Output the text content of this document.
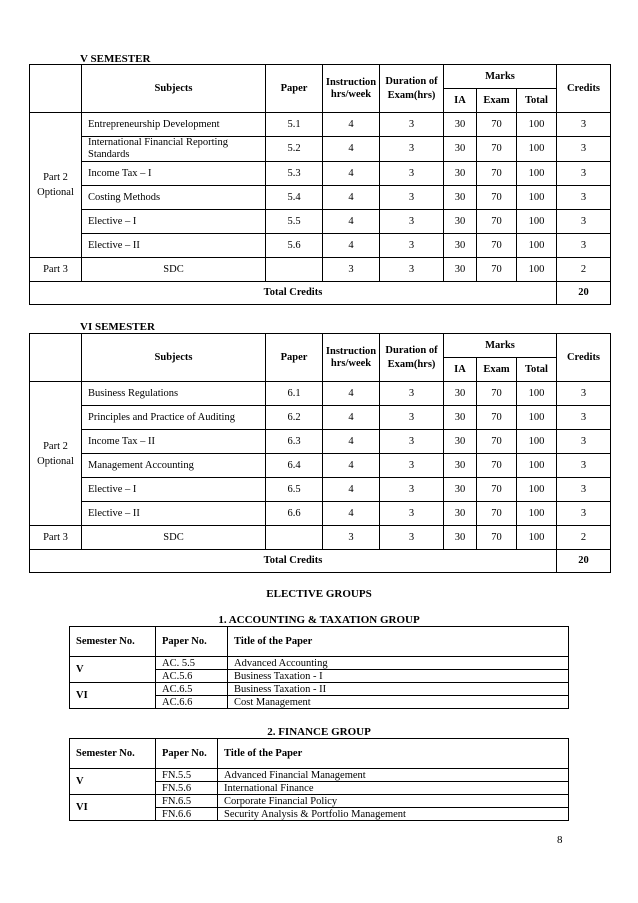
V SEMESTER
	Subjects	Paper	Instruction hrs/week	Duration of Exam(hrs)	Marks			Credits
					IA	Exam	Total	
Part 2 Optional	Entrepreneurship Development	5.1	4	3	30	70	100	3
	International Financial Reporting Standards	5.2	4	3	30	70	100	3
	Income Tax – I	5.3	4	3	30	70	100	3
	Costing Methods	5.4	4	3	30	70	100	3
	Elective – I	5.5	4	3	30	70	100	3
	Elective – II	5.6	4	3	30	70	100	3
Part 3	SDC		3	3	30	70	100	2
Total Credits								20
VI SEMESTER
	Subjects	Paper	Instruction hrs/week	Duration of Exam(hrs)	Marks			Credits
					IA	Exam	Total	
Part 2 Optional	Business Regulations	6.1	4	3	30	70	100	3
	Principles and Practice of Auditing	6.2	4	3	30	70	100	3
	Income Tax – II	6.3	4	3	30	70	100	3
	Management Accounting	6.4	4	3	30	70	100	3
	Elective – I	6.5	4	3	30	70	100	3
	Elective – II	6.6	4	3	30	70	100	3
Part 3	SDC		3	3	30	70	100	2
Total Credits								20
ELECTIVE GROUPS
1. ACCOUNTING & TAXATION GROUP
Semester No.	Paper No.	Title of the Paper
V	AC. 5.5	Advanced Accounting
	AC.5.6	Business Taxation - I
VI	AC.6.5	Business Taxation - II
	AC.6.6	Cost Management
2. FINANCE GROUP
Semester No.	Paper No.	Title of the Paper
V	FN.5.5	Advanced Financial Management
	FN.5.6	International Finance
VI	FN.6.5	Corporate Financial Policy
	FN.6.6	Security Analysis & Portfolio Management
8
